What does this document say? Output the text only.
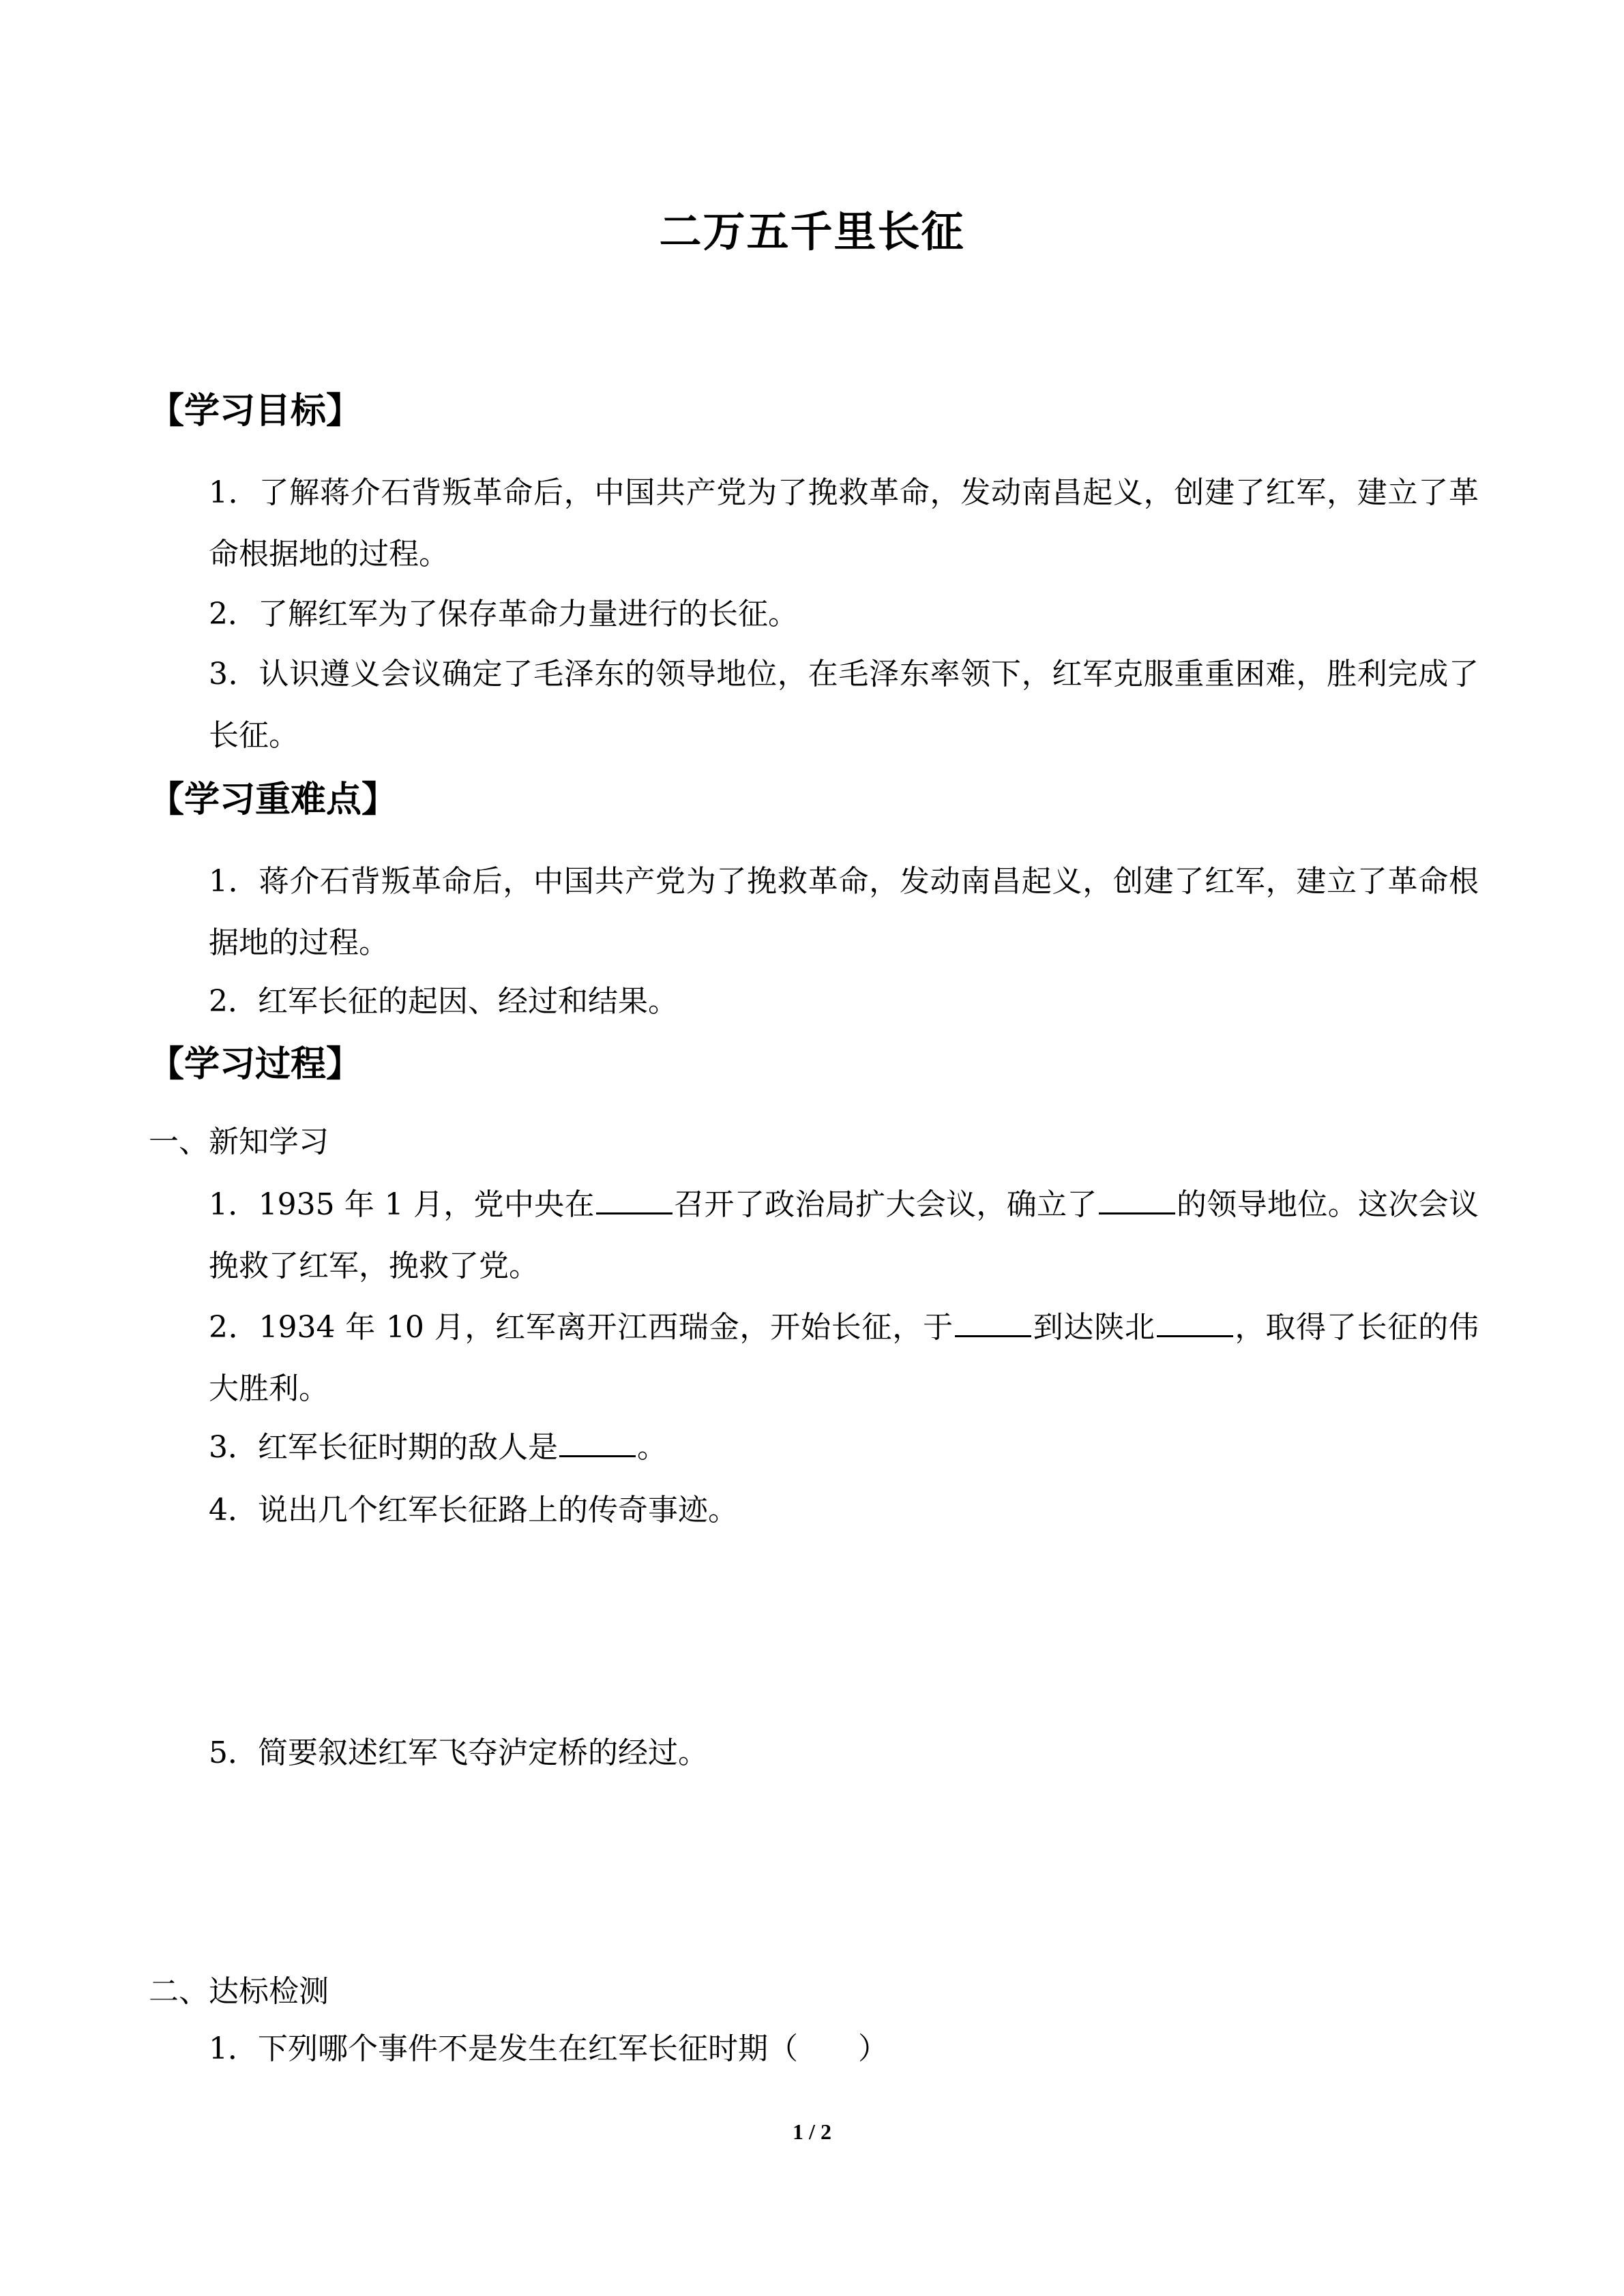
二万五千里长征
【学习目标】
1．了解蒋介石背叛革命后，中国共产党为了挽救革命，发动南昌起义，创建了红军，建立了革命根据地的过程。
2．了解红军为了保存革命力量进行的长征。
3．认识遵义会议确定了毛泽东的领导地位，在毛泽东率领下，红军克服重重困难，胜利完成了长征。
【学习重难点】
1．蒋介石背叛革命后，中国共产党为了挽救革命，发动南昌起义，创建了红军，建立了革命根据地的过程。
2．红军长征的起因、经过和结果。
【学习过程】
一、新知学习
1．1935 年 1 月，党中央在	召开了政治局扩大会议，确立了	的领导地位。这次会议挽救了红军，挽救了党。
2．1934 年 10 月，红军离开江西瑞金，开始长征，于	到达陕北	，取得了长征的伟大胜利。
3．红军长征时期的敌人是	。
4．说出几个红军长征路上的传奇事迹。
5．简要叙述红军飞夺泸定桥的经过。
二、达标检测
1．下列哪个事件不是发生在红军长征时期（　　）
1 / 2
